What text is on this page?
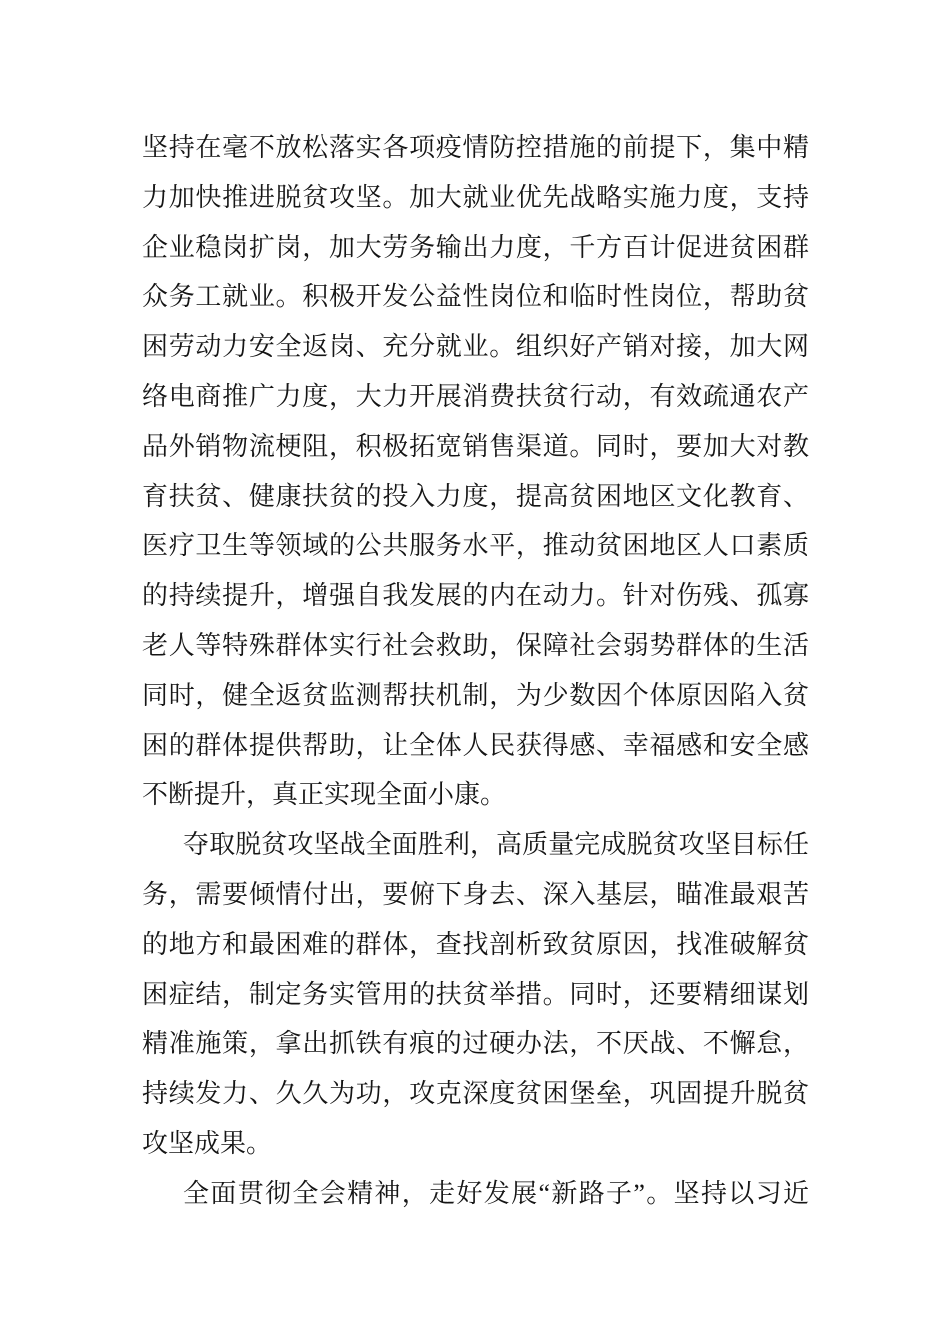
坚持在毫不放松落实各项疫情防控措施的前提下，集中精
力加快推进脱贫攻坚。加大就业优先战略实施力度，支持
企业稳岗扩岗，加大劳务输出力度，千方百计促进贫困群
众务工就业。积极开发公益性岗位和临时性岗位，帮助贫
困劳动力安全返岗、充分就业。组织好产销对接，加大网
络电商推广力度，大力开展消费扶贫行动，有效疏通农产
品外销物流梗阻，积极拓宽销售渠道。同时，要加大对教
育扶贫、健康扶贫的投入力度，提高贫困地区文化教育、
医疗卫生等领域的公共服务水平，推动贫困地区人口素质
的持续提升，增强自我发展的内在动力。针对伤残、孤寡
老人等特殊群体实行社会救助，保障社会弱势群体的生活
同时，健全返贫监测帮扶机制，为少数因个体原因陷入贫
困的群体提供帮助，让全体人民获得感、幸福感和安全感
不断提升，真正实现全面小康。
夺取脱贫攻坚战全面胜利，高质量完成脱贫攻坚目标任
务，需要倾情付出，要俯下身去、深入基层，瞄准最艰苦
的地方和最困难的群体，查找剖析致贫原因，找准破解贫
困症结，制定务实管用的扶贫举措。同时，还要精细谋划
精准施策，拿出抓铁有痕的过硬办法，不厌战、不懈怠，
持续发力、久久为功，攻克深度贫困堡垒，巩固提升脱贫
攻坚成果。
全面贯彻全会精神，走好发展“新路子”。坚持以习近
